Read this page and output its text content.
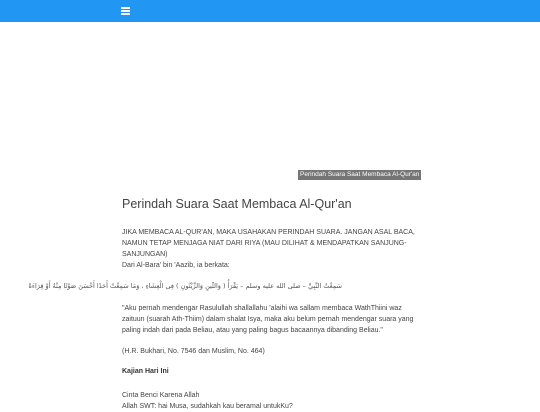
Perindah Suara Saat Membaca Al-Qur'an
Perindah Suara Saat Membaca Al-Qur'an

JIKA MEMBACA AL-QUR'AN, MAKA USAHAKAN PERINDAH SUARA. JANGAN ASAL BACA, NAMUN TETAP MENJAGA NIAT DARI RIYA (MAU DILIHAT & MENDAPATKAN SANJUNG-SANJUNGAN)

Dari Al-Bara' bin 'Aazib, ia berkata:

سَمِعْتُ النَّبِيَّ – صلى الله عليه وسلم – يَقْرَأُ ( وَالتِّينِ وَالزَّيْتُونِ ) فِى الْعِشَاءِ ، وَمَا سَمِعْتُ أَحَدًا أَحْسَنَ صَوْتًا مِنْهُ أَوْ قِرَاءَةً

"Aku pernah mendengar Rasulullah shallallahu 'alaihi wa sallam membaca WathThiini waz zaituun (suarah Ath-Thiim) dalam shalat Isya, maka aku belum pernah mendengar suara yang paling indah dari pada Beliau, atau yang paling bagus bacaannya dibanding Beliau."

(H.R. Bukhari, No. 7546 dan Muslim, No. 464)

Kajian Hari Ini

Cinta Benci Karena Allah

Allah SWT: hai Musa, sudahkah kau beramal untukKu?
